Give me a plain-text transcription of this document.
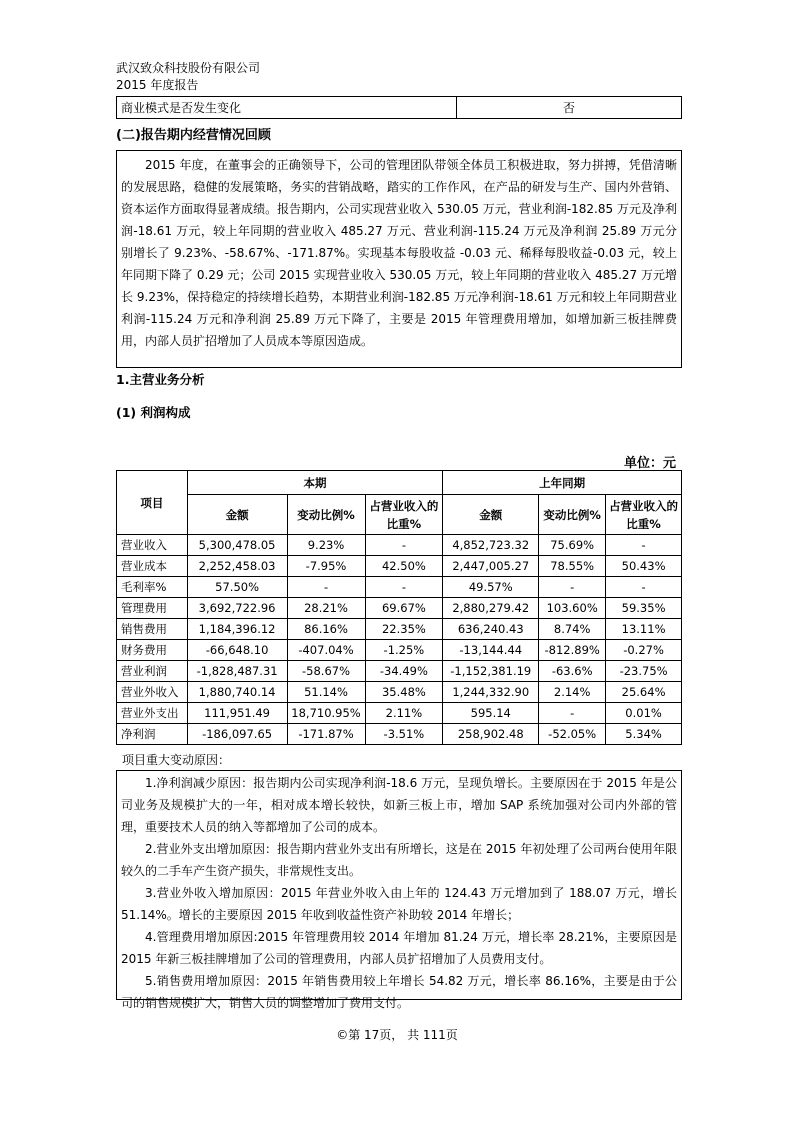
武汉致众科技股份有限公司
2015 年度报告
商业模式是否发生变化	否
(二)报告期内经营情况回顾

2015 年度，在董事会的正确领导下，公司的管理团队带领全体员工积极进取，努力拼搏，凭借清晰的发展思路，稳健的发展策略，务实的营销战略，踏实的工作作风，在产品的研发与生产、国内外营销、资本运作方面取得显著成绩。报告期内，公司实现营业收入 530.05 万元，营业利润-182.85 万元及净利润-18.61 万元，较上年同期的营业收入 485.27 万元、营业利润-115.24 万元及净利润 25.89 万元分别增长了 9.23%、-58.67%、-171.87%。实现基本每股收益 -0.03 元、稀释每股收益-0.03 元，较上年同期下降了 0.29 元；公司 2015 实现营业收入 530.05 万元，较上年同期的营业收入 485.27 万元增长 9.23%，保持稳定的持续增长趋势，本期营业利润-182.85 万元净利润-18.61 万元和较上年同期营业利润-115.24 万元和净利润 25.89 万元下降了，主要是 2015 年管理费用增加，如增加新三板挂牌费用，内部人员扩招增加了人员成本等原因造成。

1.主营业务分析
(1) 利润构成
单位：元
项目	本期			上年同期		
	金额	变动比例%	占营业收入的比重%	金额	变动比例%	占营业收入的比重%
营业收入	5,300,478.05	9.23%	-	4,852,723.32	75.69%	-
营业成本	2,252,458.03	-7.95%	42.50%	2,447,005.27	78.55%	50.43%
毛利率%	57.50%	-	-	49.57%	-	-
管理费用	3,692,722.96	28.21%	69.67%	2,880,279.42	103.60%	59.35%
销售费用	1,184,396.12	86.16%	22.35%	636,240.43	8.74%	13.11%
财务费用	-66,648.10	-407.04%	-1.25%	-13,144.44	-812.89%	-0.27%
营业利润	-1,828,487.31	-58.67%	-34.49%	-1,152,381.19	-63.6%	-23.75%
营业外收入	1,880,740.14	51.14%	35.48%	1,244,332.90	2.14%	25.64%
营业外支出	111,951.49	18,710.95%	2.11%	595.14	-	0.01%
净利润	-186,097.65	-171.87%	-3.51%	258,902.48	-52.05%	5.34%
项目重大变动原因：

1.净利润减少原因：报告期内公司实现净利润-18.6 万元，呈现负增长。主要原因在于 2015 年是公司业务及规模扩大的一年，相对成本增长较快，如新三板上市，增加 SAP 系统加强对公司内外部的管理，重要技术人员的纳入等都增加了公司的成本。

2.营业外支出增加原因：报告期内营业外支出有所增长，这是在 2015 年初处理了公司两台使用年限较久的二手车产生资产损失，非常规性支出。

3.营业外收入增加原因：2015 年营业外收入由上年的 124.43 万元增加到了 188.07 万元，增长 51.14%。增长的主要原因 2015 年收到收益性资产补助较 2014 年增长；

4.管理费用增加原因:2015 年管理费用较 2014 年增加 81.24 万元，增长率 28.21%，主要原因是 2015 年新三板挂牌增加了公司的管理费用，内部人员扩招增加了人员费用支付。

5.销售费用增加原因：2015 年销售费用较上年增长 54.82 万元，增长率 86.16%，主要是由于公司的销售规模扩大，销售人员的调整增加了费用支付。

©第 17页， 共 111页
